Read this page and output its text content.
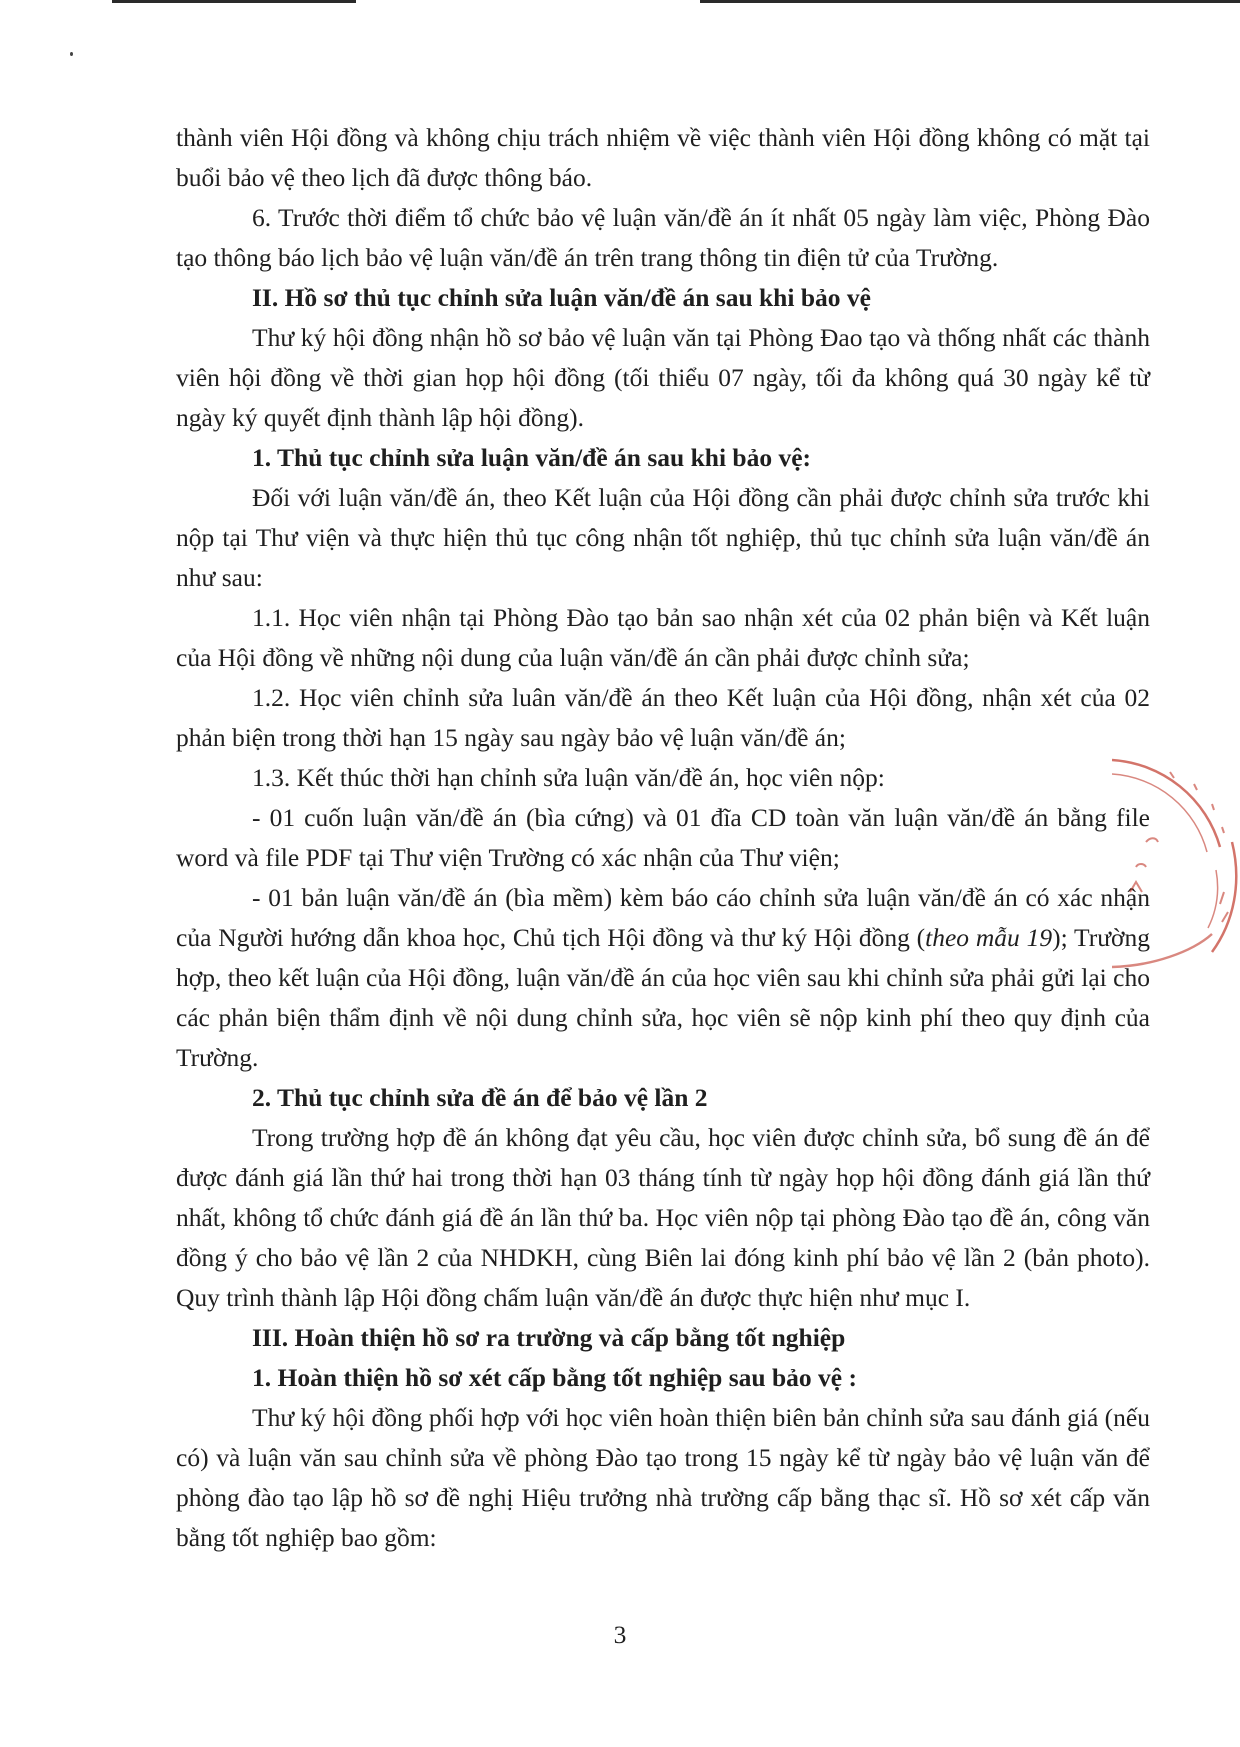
thành viên Hội đồng và không chịu trách nhiệm về việc thành viên Hội đồng không có mặt tại buổi bảo vệ theo lịch đã được thông báo.

6. Trước thời điểm tổ chức bảo vệ luận văn/đề án ít nhất 05 ngày làm việc, Phòng Đào tạo thông báo lịch bảo vệ luận văn/đề án trên trang thông tin điện tử của Trường.

II. Hồ sơ thủ tục chỉnh sửa luận văn/đề án sau khi bảo vệ

Thư ký hội đồng nhận hồ sơ bảo vệ luận văn tại Phòng Đao tạo và thống nhất các thành viên hội đồng về thời gian họp hội đồng (tối thiểu 07 ngày, tối đa không quá 30 ngày kể từ ngày ký quyết định thành lập hội đồng).

1. Thủ tục chỉnh sửa luận văn/đề án sau khi bảo vệ:

Đối với luận văn/đề án, theo Kết luận của Hội đồng cần phải được chỉnh sửa trước khi nộp tại Thư viện và thực hiện thủ tục công nhận tốt nghiệp, thủ tục chỉnh sửa luận văn/đề án như sau:

1.1. Học viên nhận tại Phòng Đào tạo bản sao nhận xét của 02 phản biện và Kết luận của Hội đồng về những nội dung của luận văn/đề án cần phải được chỉnh sửa;

1.2. Học viên chỉnh sửa luân văn/đề án theo Kết luận của Hội đồng, nhận xét của 02 phản biện trong thời hạn 15 ngày sau ngày bảo vệ luận văn/đề án;

1.3. Kết thúc thời hạn chỉnh sửa luận văn/đề án, học viên nộp:

- 01 cuốn luận văn/đề án (bìa cứng) và 01 đĩa CD toàn văn luận văn/đề án bằng file word và file PDF tại Thư viện Trường có xác nhận của Thư viện;

- 01 bản luận văn/đề án (bìa mềm) kèm báo cáo chỉnh sửa luận văn/đề án có xác nhận của Người hướng dẫn khoa học, Chủ tịch Hội đồng và thư ký Hội đồng (theo mẫu 19); Trường hợp, theo kết luận của Hội đồng, luận văn/đề án của học viên sau khi chỉnh sửa phải gửi lại cho các phản biện thẩm định về nội dung chỉnh sửa, học viên sẽ nộp kinh phí theo quy định của Trường.

2. Thủ tục chỉnh sửa đề án để bảo vệ lần 2

Trong trường hợp đề án không đạt yêu cầu, học viên được chỉnh sửa, bổ sung đề án để được đánh giá lần thứ hai trong thời hạn 03 tháng tính từ ngày họp hội đồng đánh giá lần thứ nhất, không tổ chức đánh giá đề án lần thứ ba. Học viên nộp tại phòng Đào tạo đề án, công văn đồng ý cho bảo vệ lần 2 của NHDKH, cùng Biên lai đóng kinh phí bảo vệ lần 2 (bản photo). Quy trình thành lập Hội đồng chấm luận văn/đề án được thực hiện như mục I.

III. Hoàn thiện hồ sơ ra trường và cấp bằng tốt nghiệp

1. Hoàn thiện hồ sơ xét cấp bằng tốt nghiệp sau bảo vệ :

Thư ký hội đồng phối hợp với học viên hoàn thiện biên bản chỉnh sửa sau đánh giá (nếu có) và luận văn sau chỉnh sửa về phòng Đào tạo trong 15 ngày kể từ ngày bảo vệ luận văn để phòng đào tạo lập hồ sơ đề nghị Hiệu trưởng nhà trường cấp bằng thạc sĩ. Hồ sơ xét cấp văn bằng tốt nghiệp bao gồm:

3
